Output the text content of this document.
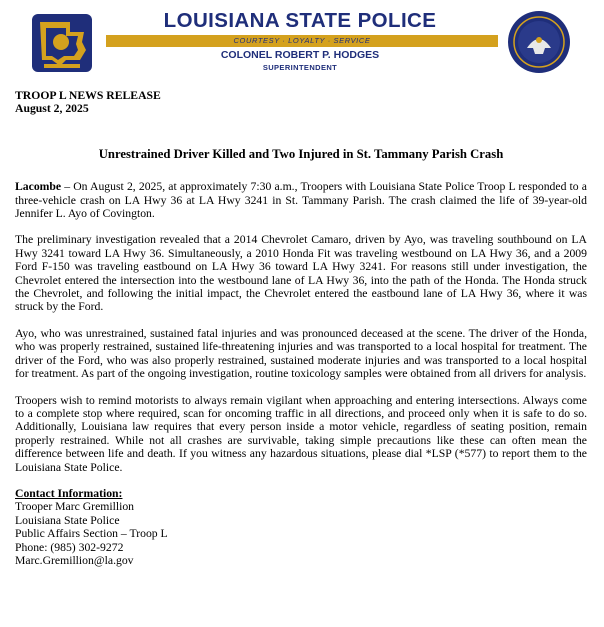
LOUISIANA STATE POLICE
COURTESY · LOYALTY · SERVICE
COLONEL ROBERT P. HODGES
SUPERINTENDENT

TROOP L NEWS RELEASE

August 2, 2025

Unrestrained Driver Killed and Two Injured in St. Tammany Parish Crash

Lacombe – On August 2, 2025, at approximately 7:30 a.m., Troopers with Louisiana State Police Troop L responded to a three-vehicle crash on LA Hwy 36 at LA Hwy 3241 in St. Tammany Parish. The crash claimed the life of 39-year-old Jennifer L. Ayo of Covington.

The preliminary investigation revealed that a 2014 Chevrolet Camaro, driven by Ayo, was traveling southbound on LA Hwy 3241 toward LA Hwy 36. Simultaneously, a 2010 Honda Fit was traveling westbound on LA Hwy 36, and a 2009 Ford F-150 was traveling eastbound on LA Hwy 36 toward LA Hwy 3241. For reasons still under investigation, the Chevrolet entered the intersection into the westbound lane of LA Hwy 36, into the path of the Honda. The Honda struck the Chevrolet, and following the initial impact, the Chevrolet entered the eastbound lane of LA Hwy 36, where it was struck by the Ford.

Ayo, who was unrestrained, sustained fatal injuries and was pronounced deceased at the scene. The driver of the Honda, who was properly restrained, sustained life-threatening injuries and was transported to a local hospital for treatment. The driver of the Ford, who was also properly restrained, sustained moderate injuries and was transported to a local hospital for treatment. As part of the ongoing investigation, routine toxicology samples were obtained from all drivers for analysis.

Troopers wish to remind motorists to always remain vigilant when approaching and entering intersections. Always come to a complete stop where required, scan for oncoming traffic in all directions, and proceed only when it is safe to do so. Additionally, Louisiana law requires that every person inside a motor vehicle, regardless of seating position, remain properly restrained. While not all crashes are survivable, taking simple precautions like these can often mean the difference between life and death. If you witness any hazardous situations, please dial *LSP (*577) to report them to the Louisiana State Police.

Contact Information:

Trooper Marc Gremillion

Louisiana State Police

Public Affairs Section – Troop L

Phone: (985) 302-9272

Marc.Gremillion@la.gov
